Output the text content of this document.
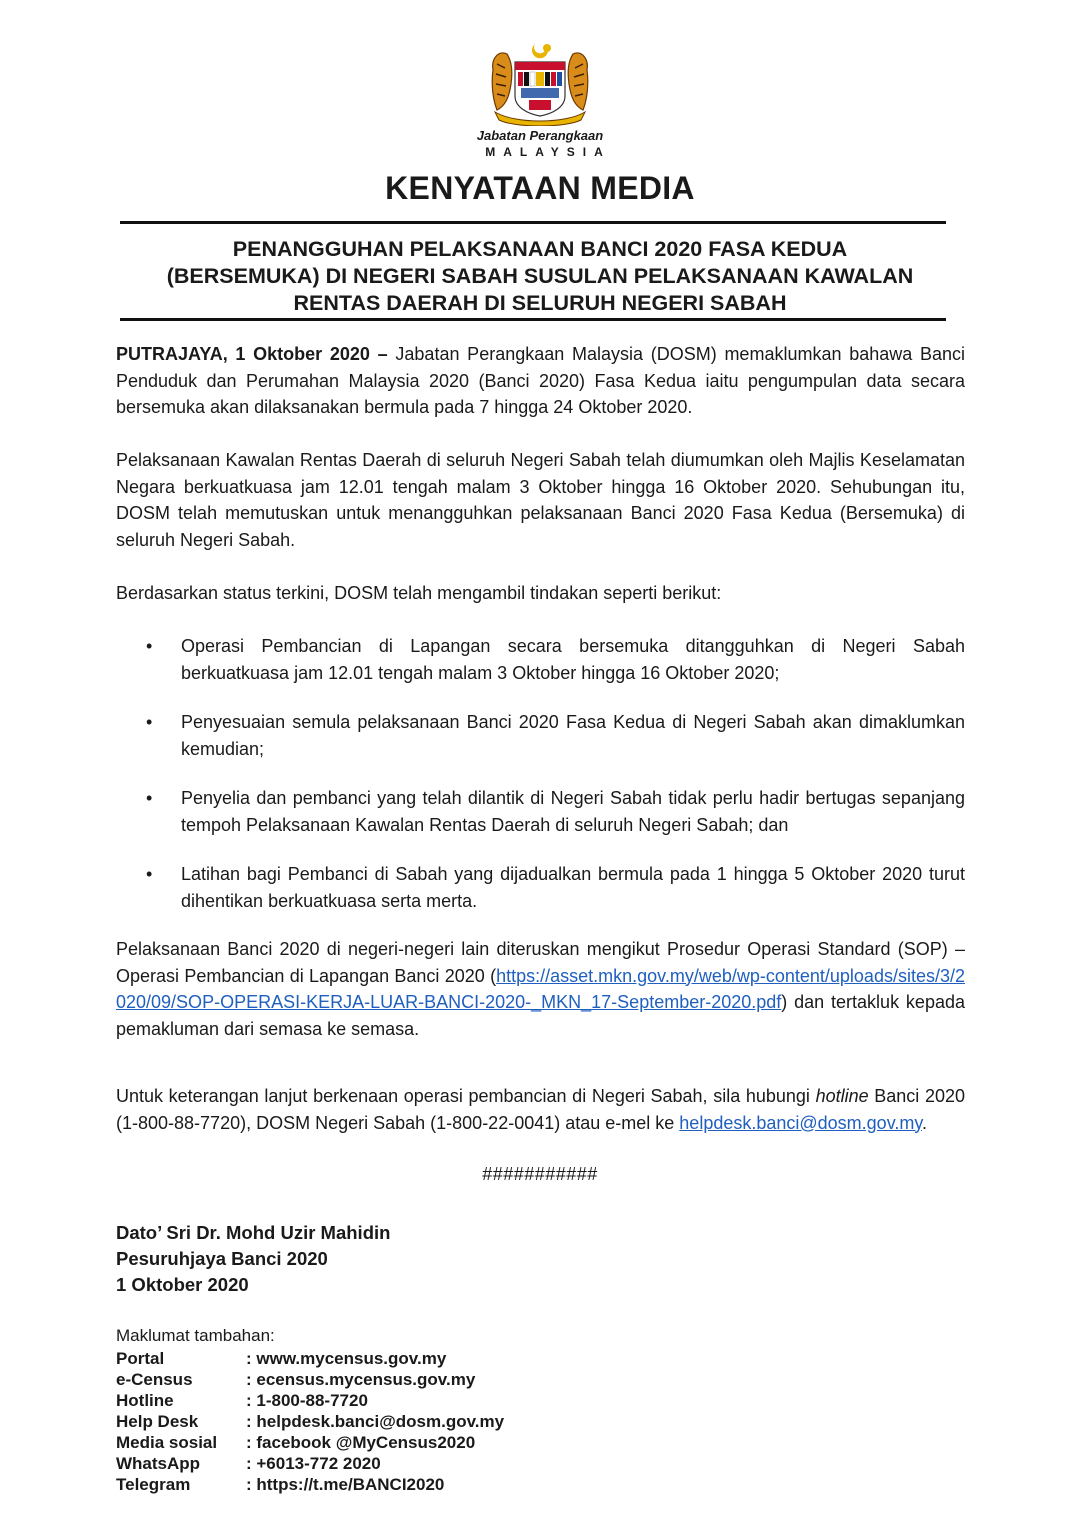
Jabatan Perangkaan
MALAYSIA
KENYATAAN MEDIA
PENANGGUHAN PELAKSANAAN BANCI 2020 FASA KEDUA
(BERSEMUKA) DI NEGERI SABAH SUSULAN PELAKSANAAN KAWALAN
RENTAS DAERAH DI SELURUH NEGERI SABAH
PUTRAJAYA, 1 Oktober 2020 – Jabatan Perangkaan Malaysia (DOSM) memaklumkan bahawa Banci Penduduk dan Perumahan Malaysia 2020 (Banci 2020) Fasa Kedua iaitu pengumpulan data secara bersemuka akan dilaksanakan bermula pada 7 hingga 24 Oktober 2020.
Pelaksanaan Kawalan Rentas Daerah di seluruh Negeri Sabah telah diumumkan oleh Majlis Keselamatan Negara berkuatkuasa jam 12.01 tengah malam 3 Oktober hingga 16 Oktober 2020. Sehubungan itu, DOSM telah memutuskan untuk menangguhkan pelaksanaan Banci 2020 Fasa Kedua (Bersemuka) di seluruh Negeri Sabah.
Berdasarkan status terkini, DOSM telah mengambil tindakan seperti berikut:
• Operasi Pembancian di Lapangan secara bersemuka ditangguhkan di Negeri Sabah berkuatkuasa jam 12.01 tengah malam 3 Oktober hingga 16 Oktober 2020;
• Penyesuaian semula pelaksanaan Banci 2020 Fasa Kedua di Negeri Sabah akan dimaklumkan kemudian;
• Penyelia dan pembanci yang telah dilantik di Negeri Sabah tidak perlu hadir bertugas sepanjang tempoh Pelaksanaan Kawalan Rentas Daerah di seluruh Negeri Sabah; dan
• Latihan bagi Pembanci di Sabah yang dijadualkan bermula pada 1 hingga 5 Oktober 2020 turut dihentikan berkuatkuasa serta merta.
Pelaksanaan Banci 2020 di negeri-negeri lain diteruskan mengikut Prosedur Operasi Standard (SOP) – Operasi Pembancian di Lapangan Banci 2020 (https://asset.mkn.gov.my/web/wp-content/uploads/sites/3/2020/09/SOP-OPERASI-KERJA-LUAR-BANCI-2020-_MKN_17-September-2020.pdf) dan tertakluk kepada pemakluman dari semasa ke semasa.
Untuk keterangan lanjut berkenaan operasi pembancian di Negeri Sabah, sila hubungi hotline Banci 2020 (1-800-88-7720), DOSM Negeri Sabah (1-800-22-0041) atau e-mel ke helpdesk.banci@dosm.gov.my.
###########
Dato’ Sri Dr. Mohd Uzir Mahidin
Pesuruhjaya Banci 2020
1 Oktober 2020
Maklumat tambahan:
Portal	: www.mycensus.gov.my
e-Census	: ecensus.mycensus.gov.my
Hotline	: 1-800-88-7720
Help Desk	: helpdesk.banci@dosm.gov.my
Media sosial : facebook @MyCensus2020
WhatsApp	: +6013-772 2020
Telegram	: https://t.me/BANCI2020
